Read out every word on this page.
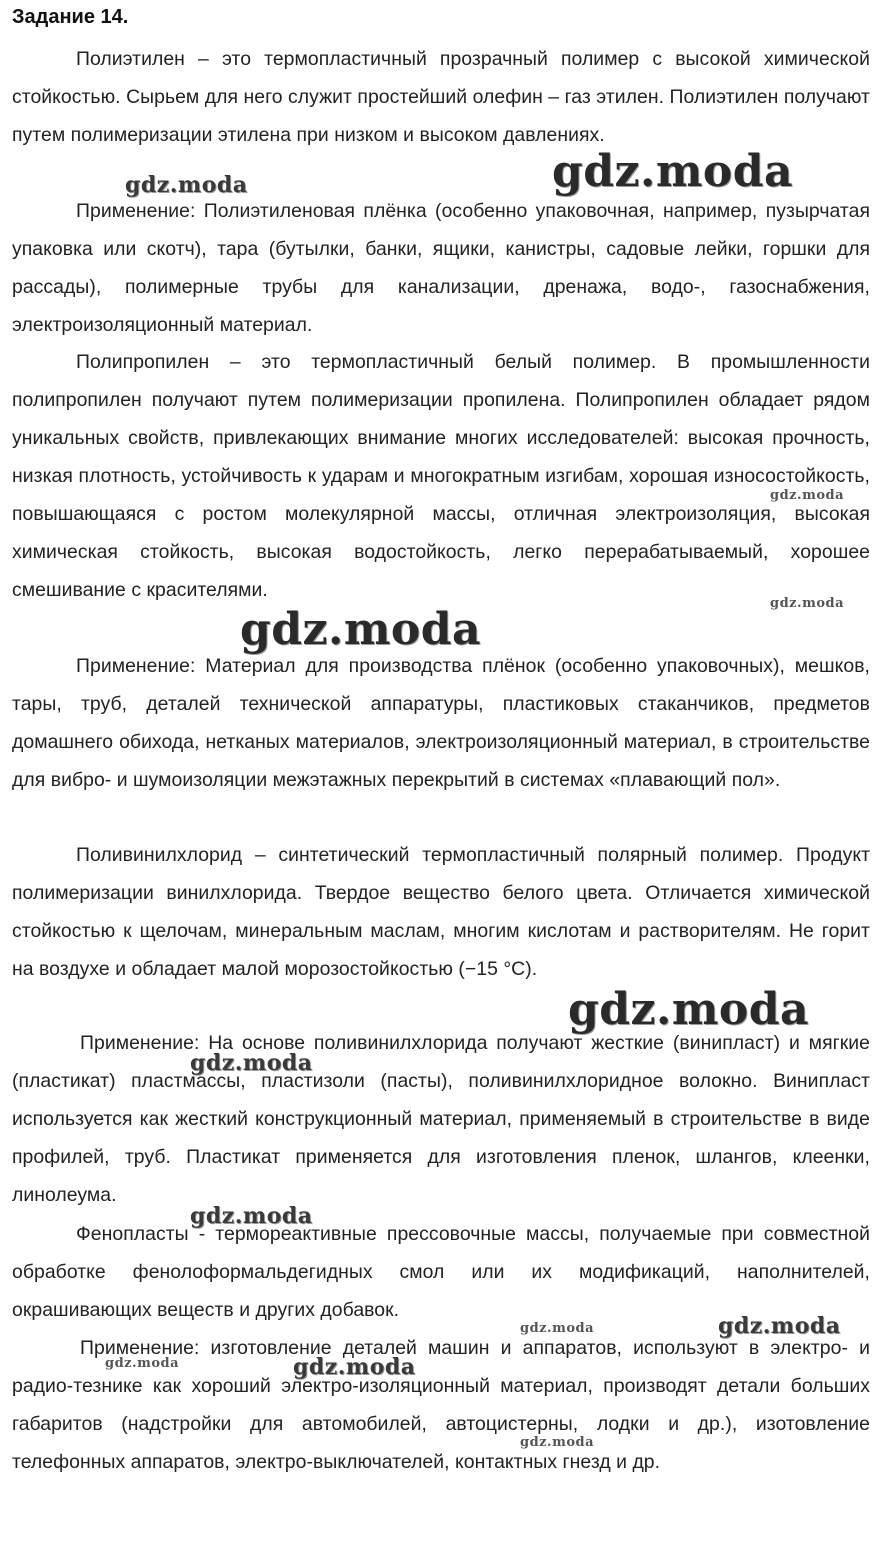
Задание 14.

Полиэтилен – это термопластичный прозрачный полимер с высокой химической стойкостью. Сырьем для него служит простейший олефин – газ этилен. Полиэтилен получают путем полимеризации этилена при низком и высоком давлениях.

Применение: Полиэтиленовая плёнка (особенно упаковочная, например, пузырчатая упаковка или скотч), тара (бутылки, банки, ящики, канистры, садовые лейки, горшки для рассады), полимерные трубы для канализации, дренажа, водо-, газоснабжения, электроизоляционный материал.

Полипропилен – это термопластичный белый полимер. В промышленности полипропилен получают путем полимеризации пропилена. Полипропилен обладает рядом уникальных свойств, привлекающих внимание многих исследователей: высокая прочность, низкая плотность, устойчивость к ударам и многократным изгибам, хорошая износостойкость, повышающаяся с ростом молекулярной массы, отличная электроизоляция, высокая химическая стойкость, высокая водостойкость, легко перерабатываемый, хорошее смешивание с красителями.

Применение: Материал для производства плёнок (особенно упаковочных), мешков, тары, труб, деталей технической аппаратуры, пластиковых стаканчиков, предметов домашнего обихода, нетканых материалов, электроизоляционный материал, в строительстве для вибро- и шумоизоляции межэтажных перекрытий в системах «плавающий пол».

Поливинилхлорид – синтетический термопластичный полярный полимер. Продукт полимеризации винилхлорида. Твердое вещество белого цвета. Отличается химической стойкостью к щелочам, минеральным маслам, многим кислотам и растворителям. Не горит на воздухе и обладает малой морозостойкостью (−15 °С).

Применение: На основе поливинилхлорида получают жесткие (винипласт) и мягкие (пластикат) пластмассы, пластизоли (пасты), поливинилхлоридное волокно. Винипласт используется как жесткий конструкционный материал, применяемый в строительстве в виде профилей, труб. Пластикат применяется для изготовления пленок, шлангов, клеенки, линолеума.

Фенопласты - термореактивные прессовочные массы, получаемые при совместной обработке фенолоформальдегидных смол или их модификаций, наполнителей, окрашивающих веществ и других добавок.

Применение: изготовление деталей машин и аппаратов, используют в электро- и радио-тезнике как хороший электро-изоляционный материал, производят детали больших габаритов (надстройки для автомобилей, автоцистерны, лодки и др.), изотовление телефонных аппаратов, электро-выключателей, контактных гнезд и др.

gdz.moda
gdz.moda
gdz.moda
gdz.moda
gdz.moda
gdz.moda
gdz.moda
gdz.moda
gdz.moda	gdz.moda
gdz.moda	gdz.moda
gdz.moda
